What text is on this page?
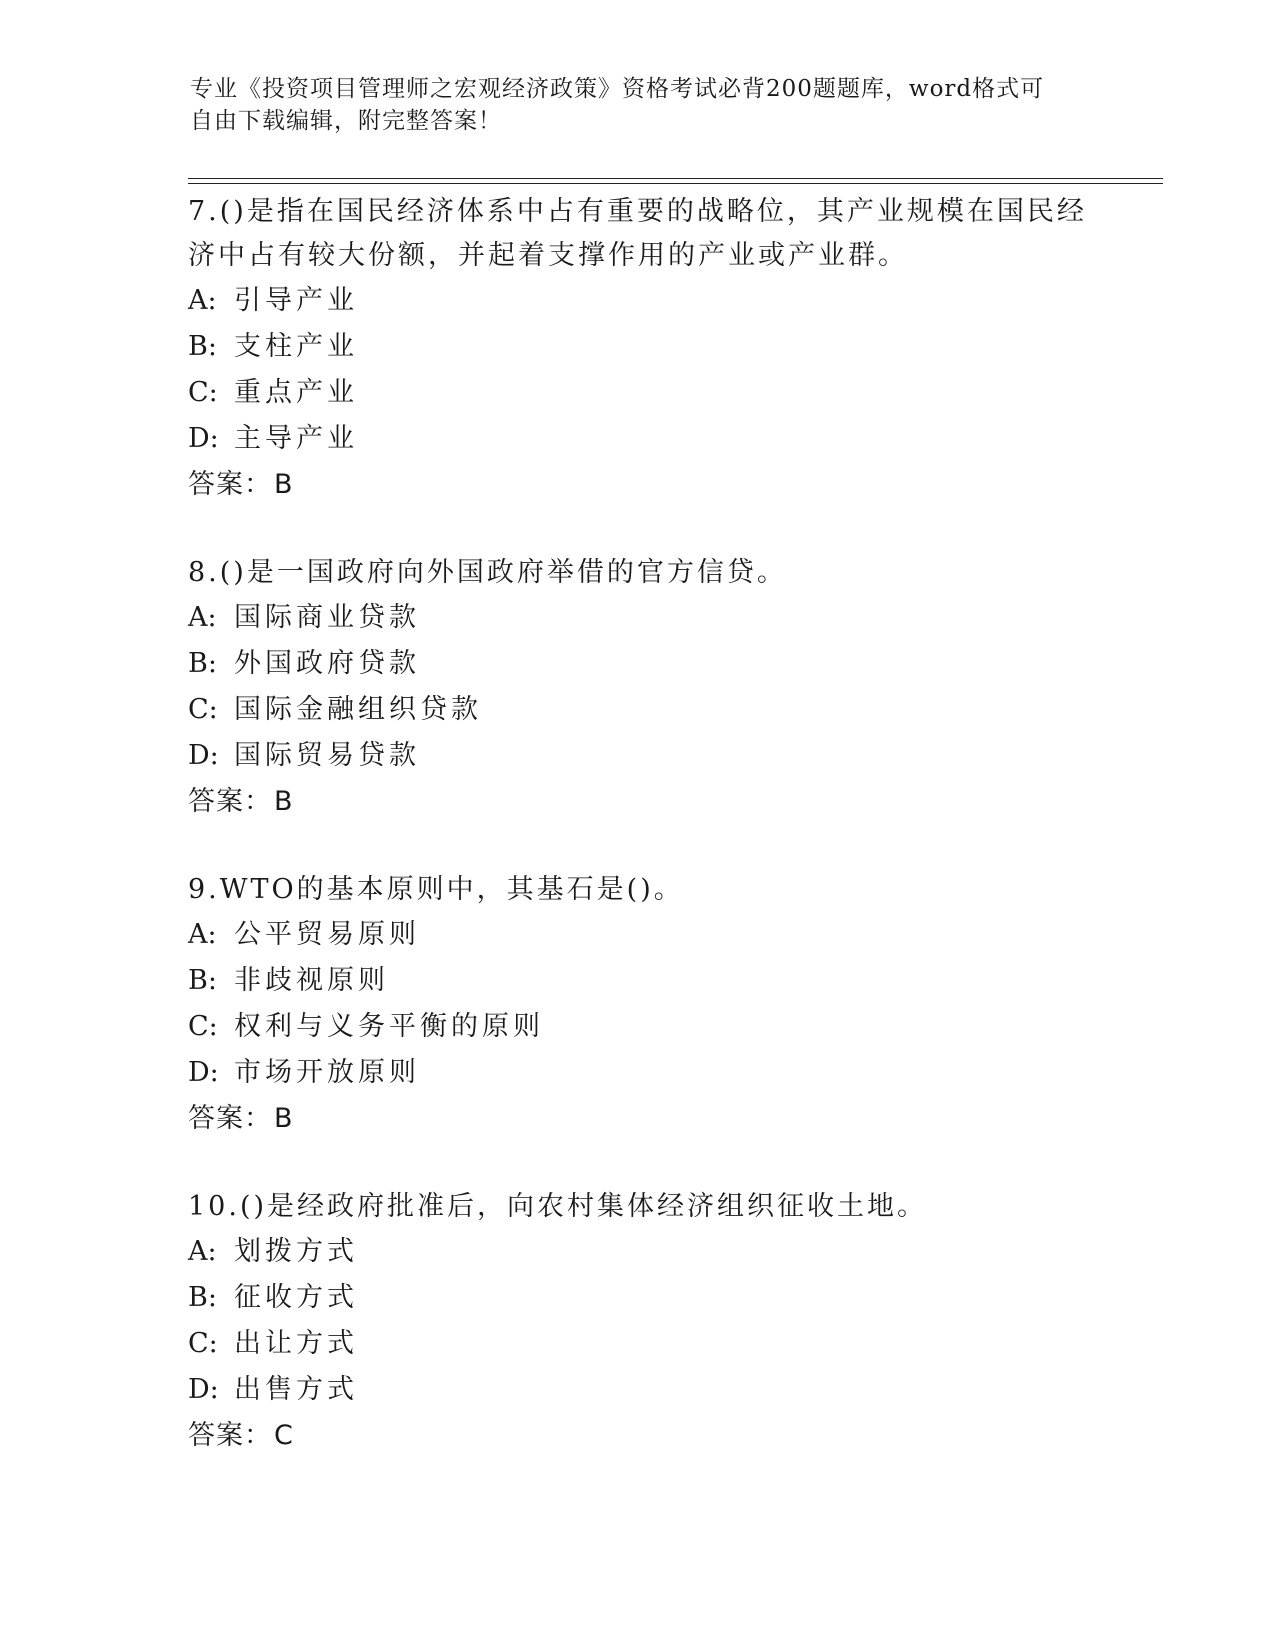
专业《投资项目管理师之宏观经济政策》资格考试必背200题题库，word格式可
自由下载编辑，附完整答案！

7.()是指在国民经济体系中占有重要的战略位，其产业规模在国民经
济中占有较大份额，并起着支撑作用的产业或产业群。

A: 引导产业

B: 支柱产业

C: 重点产业

D: 主导产业

答案：B

8.()是一国政府向外国政府举借的官方信贷。

A: 国际商业贷款

B: 外国政府贷款

C: 国际金融组织贷款

D: 国际贸易贷款

答案：B

9.WTO的基本原则中，其基石是()。

A: 公平贸易原则

B: 非歧视原则

C: 权利与义务平衡的原则

D: 市场开放原则

答案：B

10.()是经政府批准后，向农村集体经济组织征收土地。

A: 划拨方式

B: 征收方式

C: 出让方式

D: 出售方式

答案：C
